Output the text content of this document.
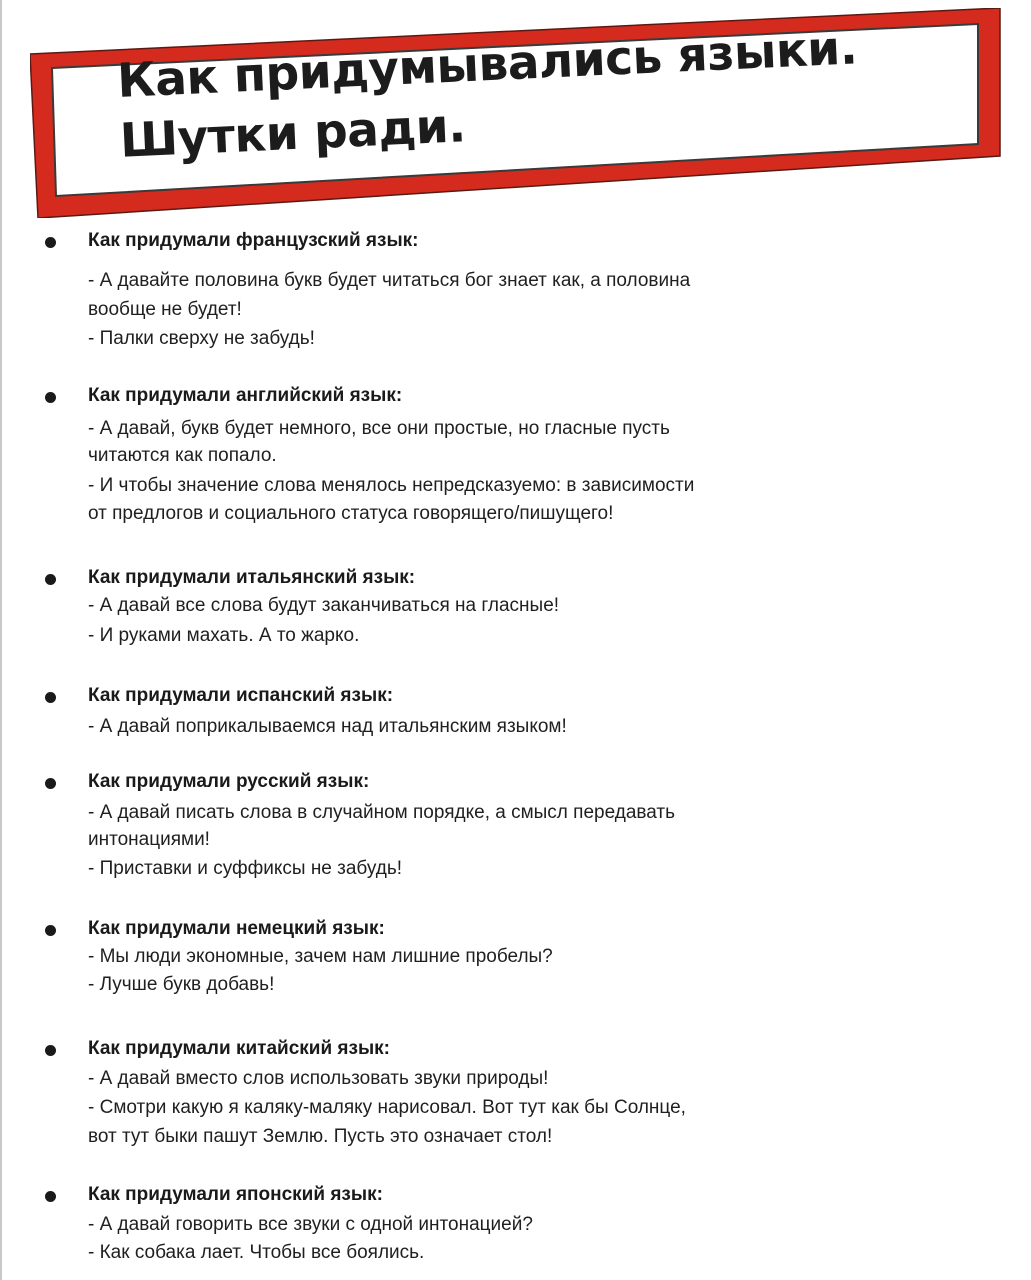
Как придумывались языки.
Шутки ради.
Как придумали французский язык:
- А давайте половина букв будет читаться бог знает как, а половина
вообще не будет!
- Палки сверху не забудь!
Как придумали английский язык:
- А давай, букв будет немного, все они простые, но гласные пусть
читаются как попало.
- И чтобы значение слова менялось непредсказуемо: в зависимости
от предлогов и социального статуса говорящего/пишущего!
Как придумали итальянский язык:
- А давай все слова будут заканчиваться на гласные!
- И руками махать. А то жарко.
Как придумали испанский язык:
- А давай поприкалываемся над итальянским языком!
Как придумали русский язык:
- А давай писать слова в случайном порядке, а смысл передавать
интонациями!
- Приставки и суффиксы не забудь!
Как придумали немецкий язык:
- Мы люди экономные, зачем нам лишние пробелы?
- Лучше букв добавь!
Как придумали китайский язык:
- А давай вместо слов использовать звуки природы!
- Смотри какую я каляку-маляку нарисовал. Вот тут как бы Солнце,
вот тут быки пашут Землю. Пусть это означает стол!
Как придумали японский язык:
- А давай говорить все звуки с одной интонацией?
- Как собака лает. Чтобы все боялись.
